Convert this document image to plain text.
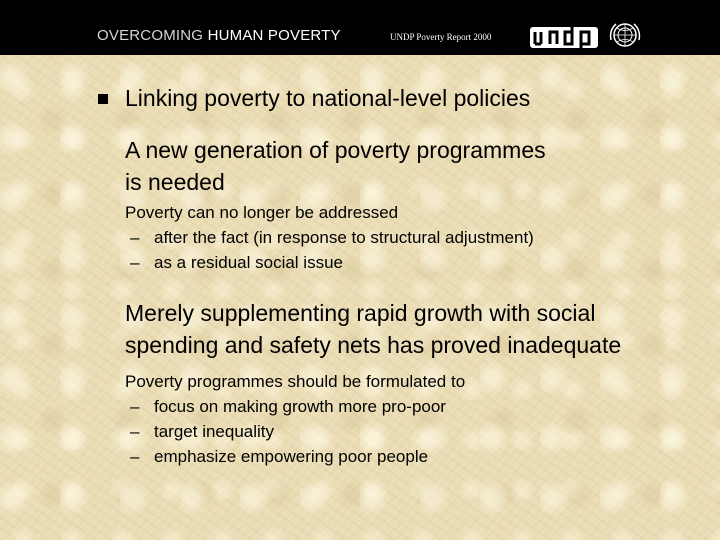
OVERCOMING HUMAN POVERTY	UNDP Poverty Report 2000
Linking poverty to national-level policies
A new generation of poverty programmes
is needed
Poverty can no longer be addressed
– after the fact (in response to structural adjustment)
– as a residual social issue
Merely supplementing rapid growth with social
spending and safety nets has proved inadequate
Poverty programmes should be formulated to
– focus on making growth more pro-poor
– target inequality
– emphasize empowering poor people
